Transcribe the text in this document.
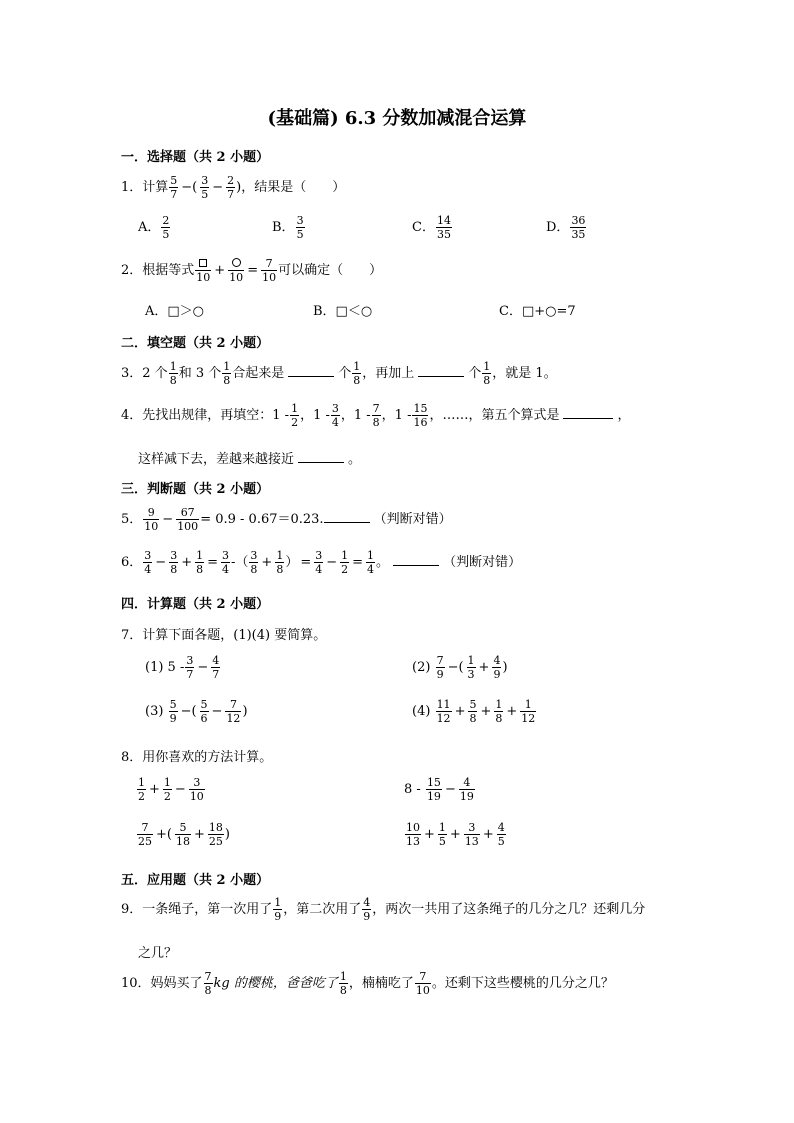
(基础篇) 6.3 分数加减混合运算
一．选择题（共 2 小题）
1．计算 $\frac{5}{7}$ −( $\frac{3}{5} - \frac{2}{7}$ )，结果是（　　）
A． $\frac{2}{5}$	B． $\frac{3}{5}$	C． $\frac{14}{35}$	D． $\frac{36}{35}$
2．根据等式 $10 + 10 = \frac{7}{10}$ 可以确定（　　）
A．□＞○	B．□＜○	C．□+○=7
二．填空题（共 2 小题）
3．2 个 $\frac{1}{8}$ 和 3 个 $\frac{1}{8}$ 合起来是	个 $\frac{1}{8}$ ，再加上	个 $\frac{1}{8}$ ，就是 1。
4．先找出规律，再填空：$1 - \frac{1}{2}$ ，$1 - \frac{3}{4}$ ，$1 - \frac{7}{8}$ ，$1 - \frac{15}{16}$ ，……，第五个算式是	，
这样减下去，差越来越接近	。
三．判断题（共 2 小题）
5． $\frac{9}{10} - \frac{67}{100} = 0.9 - 0.67=0.23$.	（判断对错）
6． $\frac{3}{4} - \frac{3}{8} + \frac{1}{8} = \frac{3}{4}$ -（ $\frac{3}{8} + \frac{1}{8}$ ） = $\frac{3}{4} - \frac{1}{2} = \frac{1}{4}$ 。	（判断对错）
四．计算题（共 2 小题）
7．计算下面各题，(1)(4) 要简算。
(1) $5 - \frac{3}{7} - \frac{4}{7}$	$(2) \frac{7}{9}$ −( $\frac{1}{3} + \frac{4}{9}$ )
$(3) \frac{5}{9}$ −( $\frac{5}{6} - \frac{7}{12}$ )	$(4) \frac{11}{12} + \frac{5}{8} + \frac{1}{8} + \frac{1}{12}$
8．用你喜欢的方法计算。
$\frac{1}{2} + \frac{1}{2} - \frac{3}{10}$	$8 - \frac{15}{19} - \frac{4}{19}$
$\frac{7}{25}$ +( $\frac{5}{18} + \frac{18}{25}$ )	$\frac{10}{13} + \frac{1}{5} + \frac{3}{13} + \frac{4}{5}$
五．应用题（共 2 小题）
9．一条绳子，第一次用了 $\frac{1}{9}$ ，第二次用了 $\frac{4}{9}$ ，两次一共用了这条绳子的几分之几？还剩几分
之几？
10．妈妈买了 $\frac{7}{8}$ kg 的樱桃，爸爸吃了 $\frac{1}{8}$ ，楠楠吃了 $\frac{7}{10}$ 。还剩下这些樱桃的几分之几？
